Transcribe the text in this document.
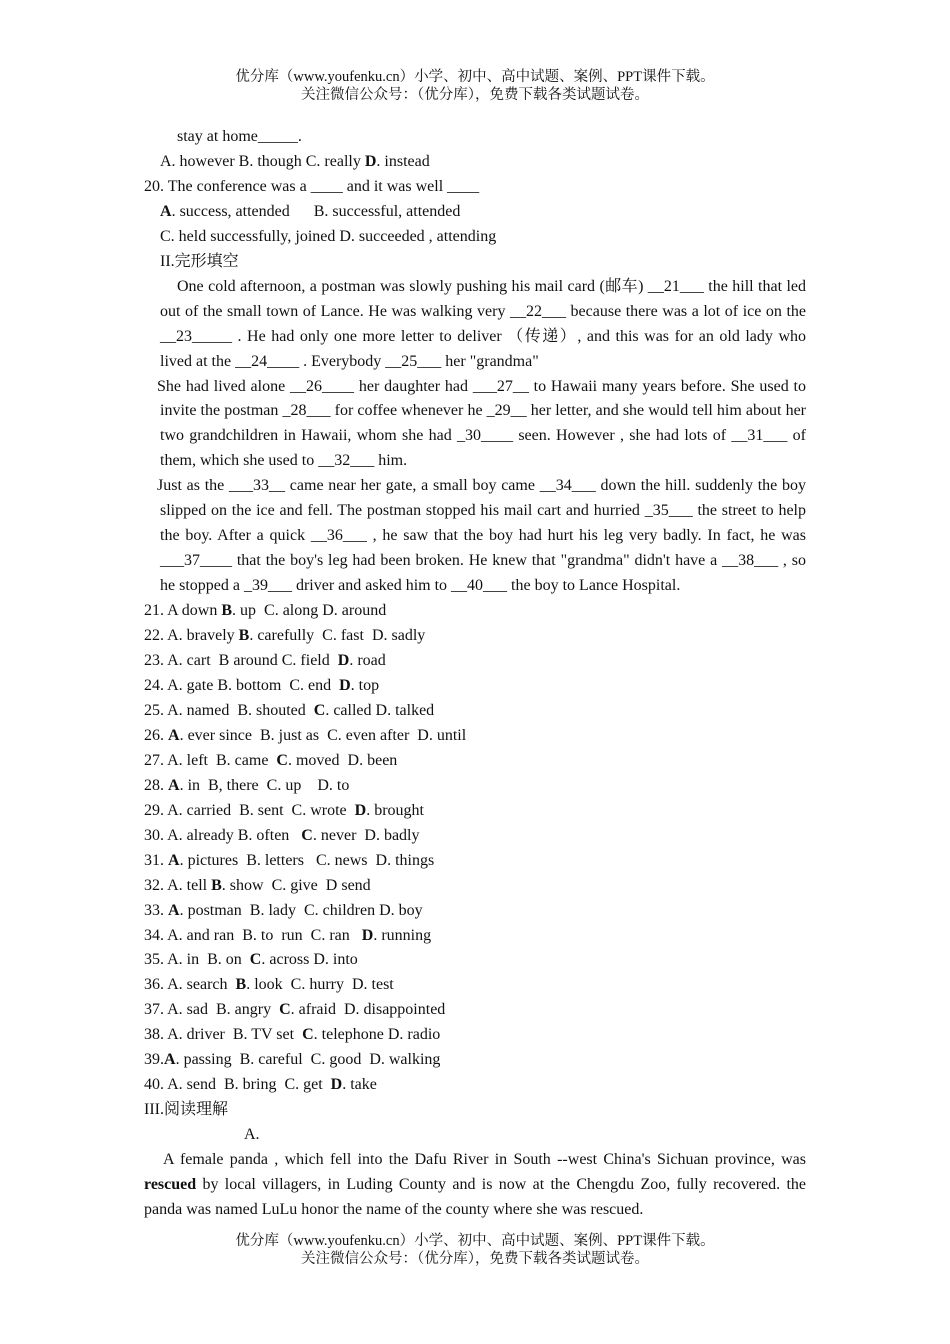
优分库（www.youfenku.cn）小学、初中、高中试题、案例、PPT课件下载。
关注微信公众号：（优分库），免费下载各类试题试卷。
stay at home_____.
A. however B. though C. really D. instead
20. The conference was a ____ and it was well ____
A. success, attended      B. successful, attended
C. held successfully, joined D. succeeded , attending
II.完形填空
One cold afternoon, a postman was slowly pushing his mail card (邮车) __21___ the hill that led out of the small town of Lance. He was walking very __22___ because there was a lot of ice on the __23_____ . He had only one more letter to deliver （传递）, and this was for an old lady who lived at the __24____ . Everybody __25___ her "grandma"
She had lived alone __26____ her daughter had ___27__ to Hawaii many years before. She used to invite the postman _28___ for coffee whenever he _29__ her letter, and she would tell him about her two grandchildren in Hawaii, whom she had _30____ seen. However , she had lots of __31___ of them, which she used to __32___ him.
Just as the ___33__ came near her gate, a small boy came __34___ down the hill. suddenly the boy slipped on the ice and fell. The postman stopped his mail cart and hurried _35___ the street to help the boy. After a quick __36___ , he saw that the boy had hurt his leg very badly. In fact, he was ___37____ that the boy's leg had been broken. He knew that "grandma" didn't have a __38___ , so he stopped a _39___ driver and asked him to __40___ the boy to Lance Hospital.
21. A down B. up  C. along D. around
22. A. bravely B. carefully  C. fast  D. sadly
23. A. cart  B around C. field  D. road
24. A. gate B. bottom  C. end  D. top
25. A. named  B. shouted  C. called D. talked
26. A. ever since  B. just as  C. even after  D. until
27. A. left  B. came  C. moved  D. been
28. A. in  B, there  C. up    D. to
29. A. carried  B. sent  C. wrote  D. brought
30. A. already B. often   C. never  D. badly
31. A. pictures  B. letters   C. news  D. things
32. A. tell B. show  C. give  D send
33. A. postman  B. lady  C. children D. boy
34. A. and ran  B. to  run  C. ran   D. running
35. A. in  B. on  C. across D. into
36. A. search  B. look  C. hurry  D. test
37. A. sad  B. angry  C. afraid  D. disappointed
38. A. driver  B. TV set  C. telephone D. radio
39.A. passing  B. careful  C. good  D. walking
40. A. send  B. bring  C. get  D. take
III.阅读理解
A.
A female panda , which fell into the Dafu River in South --west China's Sichuan province, was rescued by local villagers, in Luding County and is now at the Chengdu Zoo, fully recovered. the panda was named LuLu honor the name of the county where she was rescued.
优分库（www.youfenku.cn）小学、初中、高中试题、案例、PPT课件下载。
关注微信公众号：（优分库），免费下载各类试题试卷。
